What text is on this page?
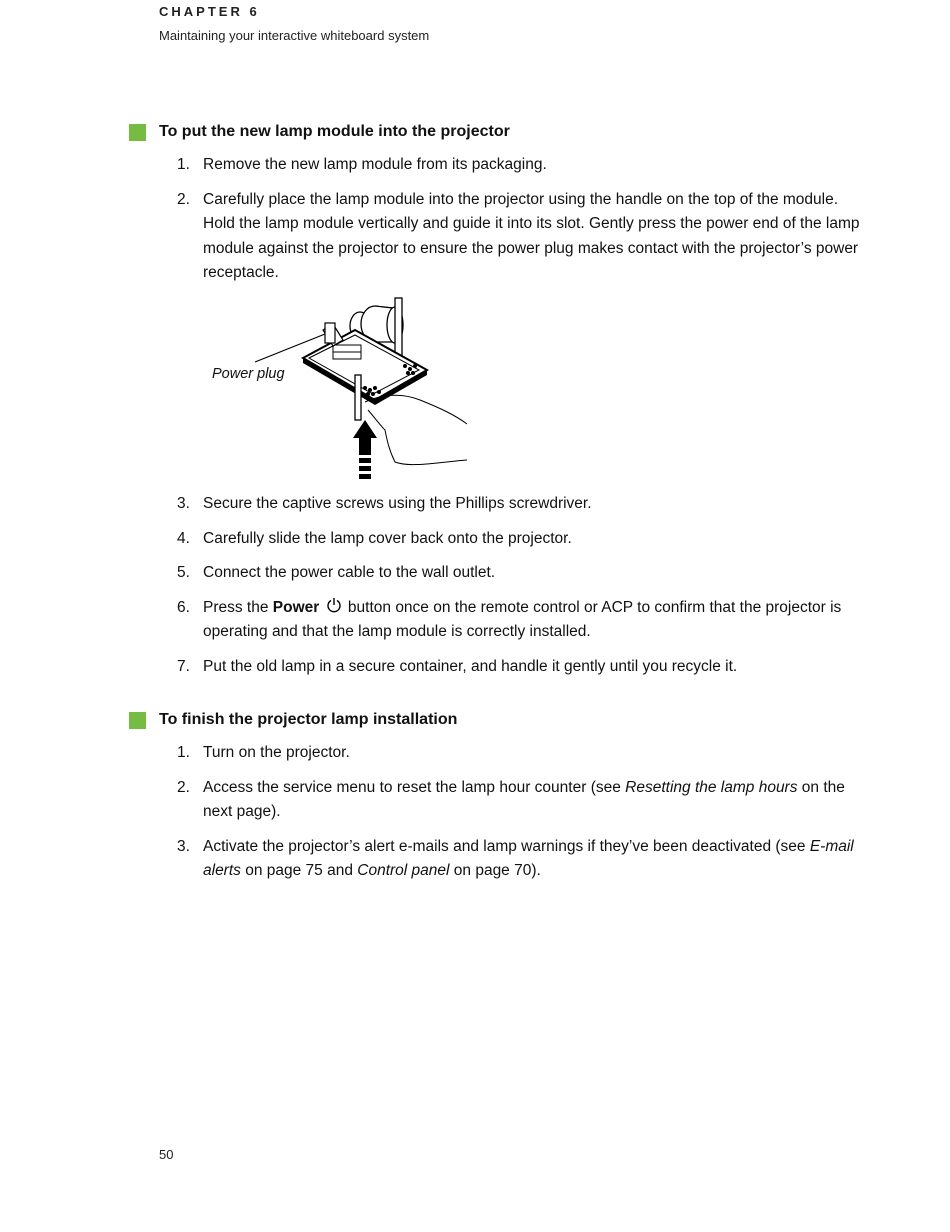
CHAPTER 6
Maintaining your interactive whiteboard system
To put the new lamp module into the projector
1. Remove the new lamp module from its packaging.
2. Carefully place the lamp module into the projector using the handle on the top of the module. Hold the lamp module vertically and guide it into its slot. Gently press the power end of the lamp module against the projector to ensure the power plug makes contact with the projector’s power receptacle.
Power plug
3. Secure the captive screws using the Phillips screwdriver.
4. Carefully slide the lamp cover back onto the projector.
5. Connect the power cable to the wall outlet.
6. Press the Power  button once on the remote control or ACP to confirm that the projector is operating and that the lamp module is correctly installed.
7. Put the old lamp in a secure container, and handle it gently until you recycle it.
To finish the projector lamp installation
1. Turn on the projector.
2. Access the service menu to reset the lamp hour counter (see Resetting the lamp hours on the next page).
3. Activate the projector’s alert e-mails and lamp warnings if they’ve been deactivated (see E-mail alerts on page 75 and Control panel on page 70).
50
